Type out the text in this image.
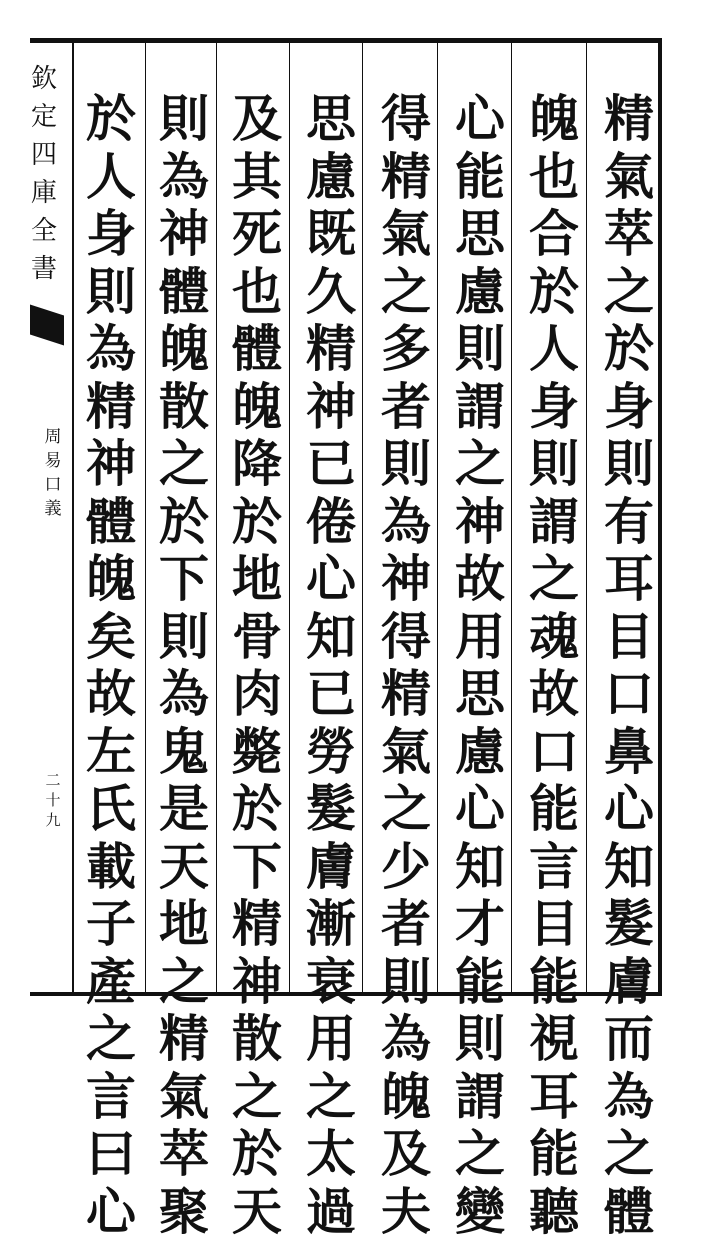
欽
定
四
庫
全
書
周
易
口
義
二
十
九
精
氣
萃
之
於
身
則
有
耳
目
口
鼻
心
知
髮
膚
而
為
之
體
魄
也
合
於
人
身
則
謂
之
魂
故
口
能
言
目
能
視
耳
能
聽
心
能
思
慮
則
謂
之
神
故
用
思
慮
心
知
才
能
則
謂
之
變
得
精
氣
之
多
者
則
為
神
得
精
氣
之
少
者
則
為
魄
及
夫
思
慮
既
久
精
神
已
倦
心
知
已
勞
髮
膚
漸
衰
用
之
太
過
及
其
死
也
體
魄
降
於
地
骨
肉
斃
於
下
精
神
散
之
於
天
則
為
神
體
魄
散
之
於
下
則
為
鬼
是
天
地
之
精
氣
萃
聚
於
人
身
則
為
精
神
體
魄
矣
故
左
氏
載
子
產
之
言
曰
心
